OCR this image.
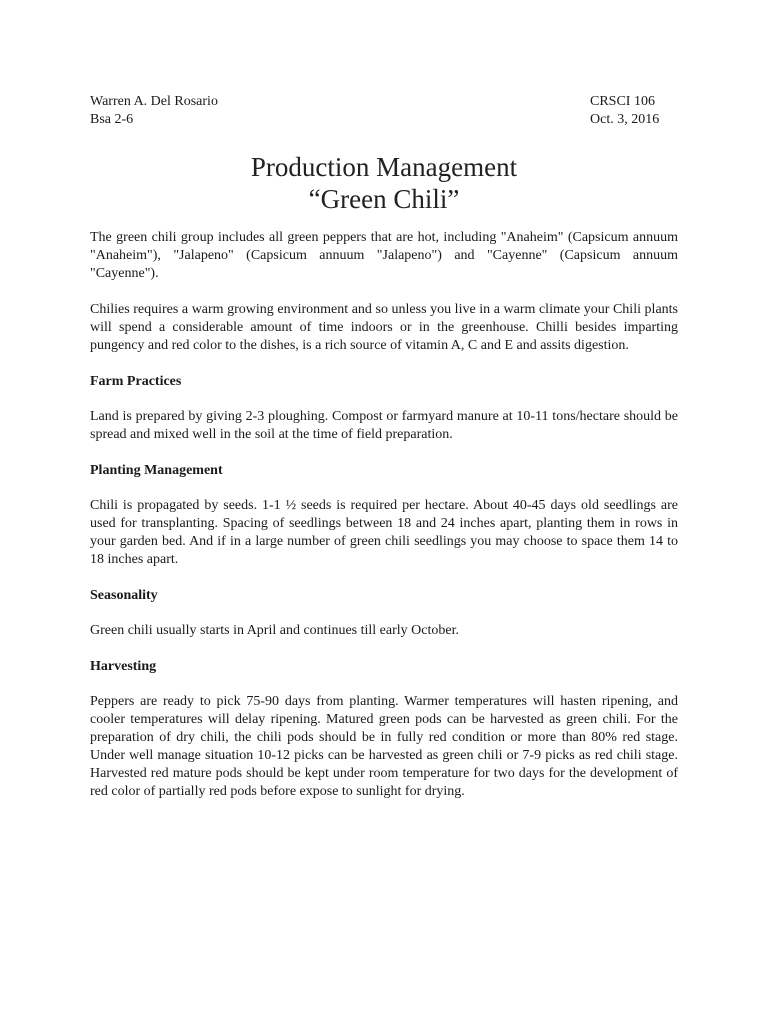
Warren A. Del Rosario
Bsa 2-6
CRSCI 106
Oct. 3, 2016
Production Management
“Green Chili”

The green chili group includes all green peppers that are hot, including "Anaheim" (Capsicum annuum "Anaheim"), "Jalapeno" (Capsicum annuum "Jalapeno") and "Cayenne" (Capsicum annuum "Cayenne").

Chilies requires a warm growing environment and so unless you live in a warm climate your Chili plants will spend a considerable amount of time indoors or in the greenhouse. Chilli besides imparting pungency and red color to the dishes, is a rich source of vitamin A, C and E and assits digestion.

Farm Practices

Land is prepared by giving 2-3 ploughing. Compost or farmyard manure at 10-11 tons/hectare should be spread and mixed well in the soil at the time of field preparation.

Planting Management

Chili is propagated by seeds. 1-1 ½ seeds is required per hectare. About 40-45 days old seedlings are used for transplanting. Spacing of seedlings between 18 and 24 inches apart, planting them in rows in your garden bed. And if in a large number of green chili seedlings you may choose to space them 14 to 18 inches apart.

Seasonality

Green chili usually starts in April and continues till early October.

Harvesting

Peppers are ready to pick 75-90 days from planting. Warmer temperatures will hasten ripening, and cooler temperatures will delay ripening. Matured green pods can be harvested as green chili. For the preparation of dry chili, the chili pods should be in fully red condition or more than 80% red stage. Under well manage situation 10-12 picks can be harvested as green chili or 7-9 picks as red chili stage. Harvested red mature pods should be kept under room temperature for two days for the development of red color of partially red pods before expose to sunlight for drying.
